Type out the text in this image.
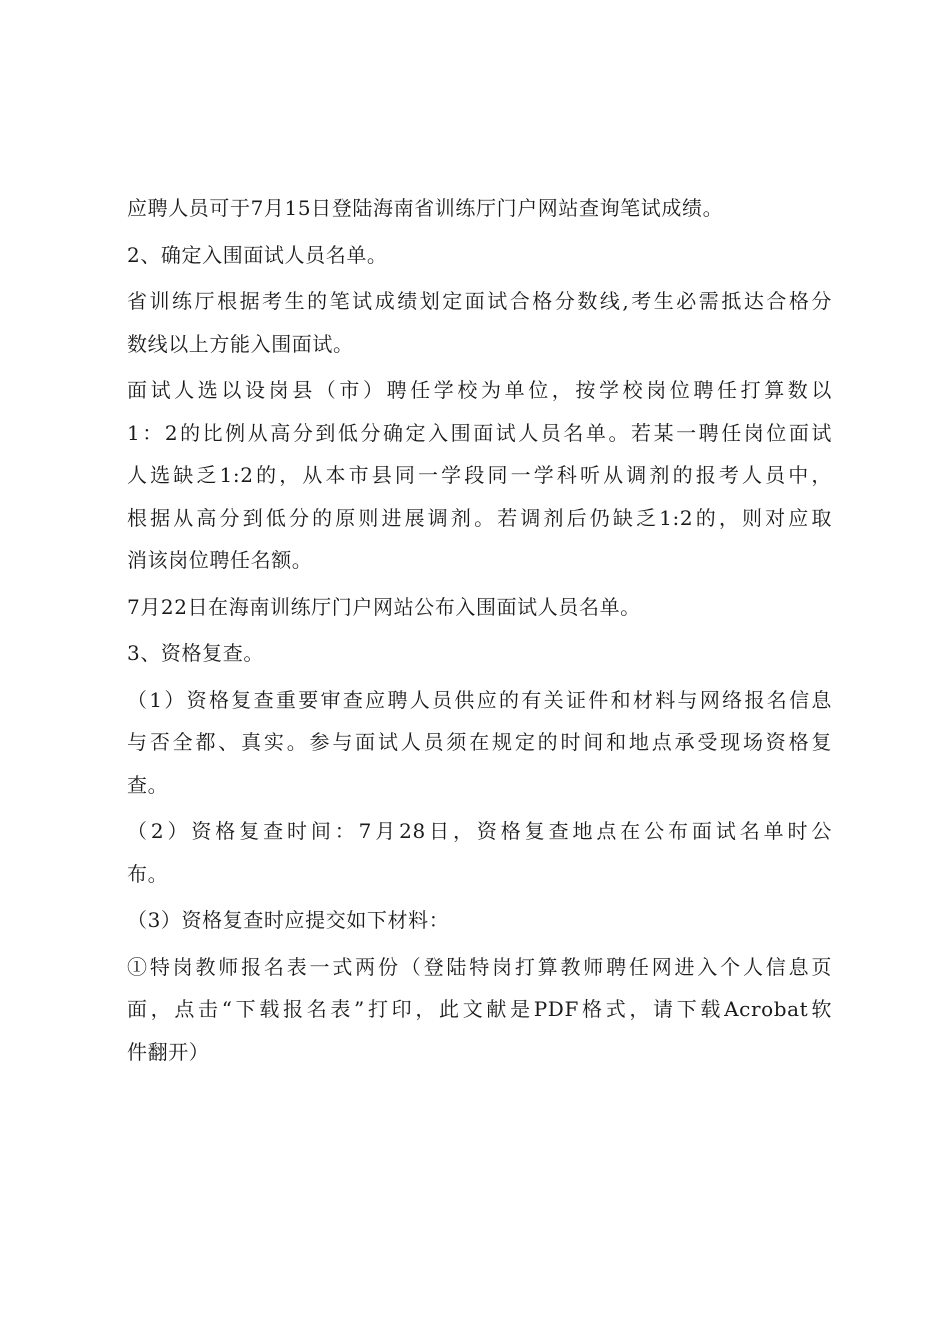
应聘人员可于7月15日登陆海南省训练厅门户网站查询笔试成绩。
2、确定入围面试人员名单。
省训练厅根据考生的笔试成绩划定面试合格分数线,考生必需抵达合格分
数线以上方能入围面试。
面试人选以设岗县（市）聘任学校为单位，按学校岗位聘任打算数以
1：2的比例从高分到低分确定入围面试人员名单。若某一聘任岗位面试
人选缺乏1:2的，从本市县同一学段同一学科听从调剂的报考人员中，
根据从高分到低分的原则进展调剂。若调剂后仍缺乏1:2的，则对应取
消该岗位聘任名额。
7月22日在海南训练厅门户网站公布入围面试人员名单。
3、资格复查。
（1）资格复查重要审查应聘人员供应的有关证件和材料与网络报名信息
与否全都、真实。参与面试人员须在规定的时间和地点承受现场资格复
查。
（2）资格复查时间：7月28日，资格复查地点在公布面试名单时公
布。
（3）资格复查时应提交如下材料：
①特岗教师报名表一式两份（登陆特岗打算教师聘任网进入个人信息页
面，点击“下载报名表”打印，此文献是PDF格式，请下载Acrobat软
件翻开）
